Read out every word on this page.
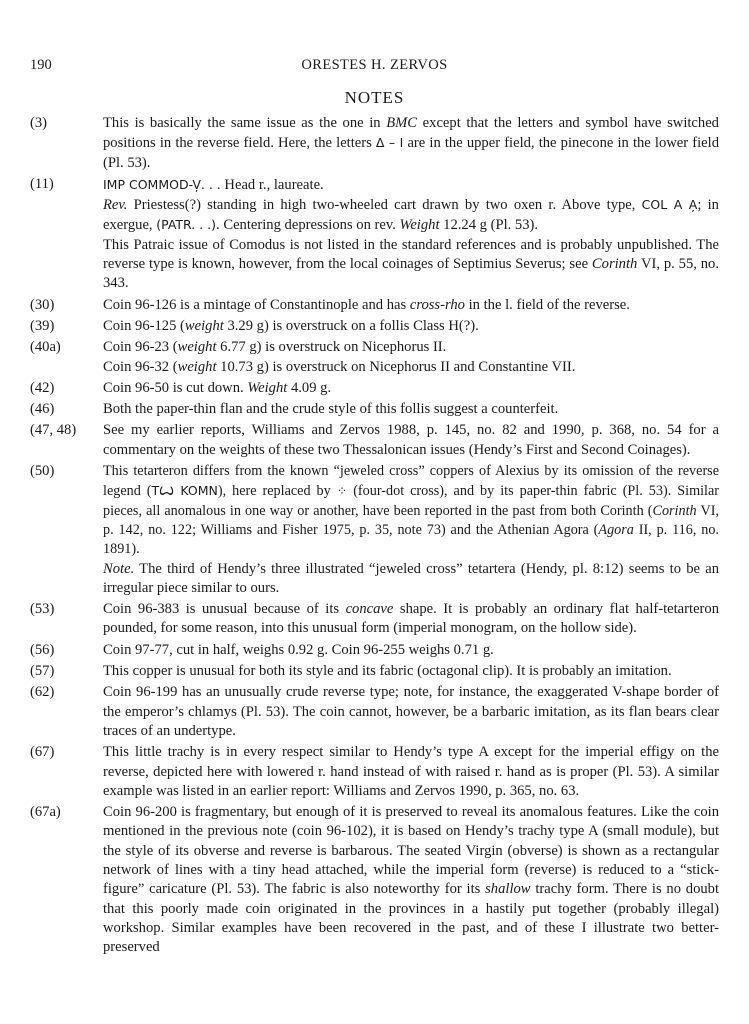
190	ORESTES H. ZERVOS
NOTES
(3)	This is basically the same issue as the one in BMC except that the letters and symbol have switched positions in the reverse field. Here, the letters Δ – I are in the upper field, the pinecone in the lower field (Pl. 53).

(11)	IMP COMMOD-V̦. . . Head r., laureate.

Rev. Priestess(?) standing in high two-wheeled cart drawn by two oxen r. Above type, COL A A̦; in exergue, (PATR. . .). Centering depressions on rev. Weight 12.24 g (Pl. 53).

This Patraic issue of Comodus is not listed in the standard references and is probably unpublished. The reverse type is known, however, from the local coinages of Septimius Severus; see Corinth VI, p. 55, no. 343.

(30)	Coin 96-126 is a mintage of Constantinople and has cross-rho in the l. field of the reverse.

(39)	Coin 96-125 (weight 3.29 g) is overstruck on a follis Class H(?).

(40a)	Coin 96-23 (weight 6.77 g) is overstruck on Nicephorus II.

Coin 96-32 (weight 10.73 g) is overstruck on Nicephorus II and Constantine VII.

(42)	Coin 96-50 is cut down. Weight 4.09 g.

(46)	Both the paper-thin flan and the crude style of this follis suggest a counterfeit.

(47, 48) See my earlier reports, Williams and Zervos 1988, p. 145, no. 82 and 1990, p. 368, no. 54 for a commentary on the weights of these two Thessalonican issues (Hendy’s First and Second Coinages).

(50)	This tetarteron differs from the known “jeweled cross” coppers of Alexius by its omission of the reverse legend (TꙌ KOMN), here replaced by ⁘ (four-dot cross), and by its paper-thin fabric (Pl. 53). Similar pieces, all anomalous in one way or another, have been reported in the past from both Corinth (Corinth VI, p. 142, no. 122; Williams and Fisher 1975, p. 35, note 73) and the Athenian Agora (Agora II, p. 116, no. 1891).

Note. The third of Hendy’s three illustrated “jeweled cross” tetartera (Hendy, pl. 8:12) seems to be an irregular piece similar to ours.

(53)	Coin 96-383 is unusual because of its concave shape. It is probably an ordinary flat half-tetarteron pounded, for some reason, into this unusual form (imperial monogram, on the hollow side).

(56)	Coin 97-77, cut in half, weighs 0.92 g. Coin 96-255 weighs 0.71 g.

(57)	This copper is unusual for both its style and its fabric (octagonal clip). It is probably an imitation.

(62)	Coin 96-199 has an unusually crude reverse type; note, for instance, the exaggerated V-shape border of the emperor’s chlamys (Pl. 53). The coin cannot, however, be a barbaric imitation, as its flan bears clear traces of an undertype.

(67)	This little trachy is in every respect similar to Hendy’s type A except for the imperial effigy on the reverse, depicted here with lowered r. hand instead of with raised r. hand as is proper (Pl. 53). A similar example was listed in an earlier report: Williams and Zervos 1990, p. 365, no. 63.

(67a)	Coin 96-200 is fragmentary, but enough of it is preserved to reveal its anomalous features. Like the coin mentioned in the previous note (coin 96-102), it is based on Hendy’s trachy type A (small module), but the style of its obverse and reverse is barbarous. The seated Virgin (obverse) is shown as a rectangular network of lines with a tiny head attached, while the imperial form (reverse) is reduced to a “stick-figure” caricature (Pl. 53). The fabric is also noteworthy for its shallow trachy form. There is no doubt that this poorly made coin originated in the provinces in a hastily put together (probably illegal) workshop. Similar examples have been recovered in the past, and of these I illustrate two better-preserved
